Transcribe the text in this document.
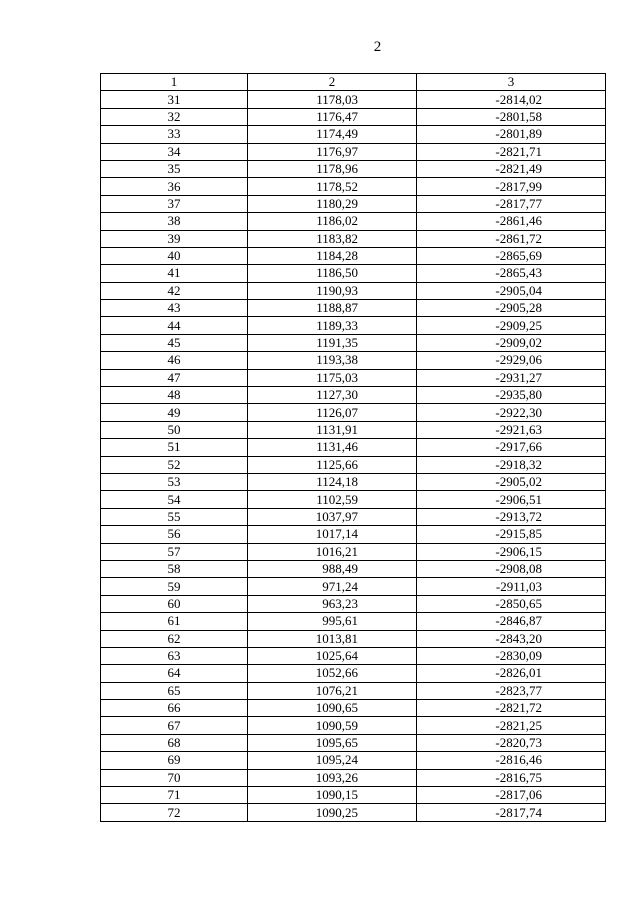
2
1	2	3
31	1178,03	-2814,02
32	1176,47	-2801,58
33	1174,49	-2801,89
34	1176,97	-2821,71
35	1178,96	-2821,49
36	1178,52	-2817,99
37	1180,29	-2817,77
38	1186,02	-2861,46
39	1183,82	-2861,72
40	1184,28	-2865,69
41	1186,50	-2865,43
42	1190,93	-2905,04
43	1188,87	-2905,28
44	1189,33	-2909,25
45	1191,35	-2909,02
46	1193,38	-2929,06
47	1175,03	-2931,27
48	1127,30	-2935,80
49	1126,07	-2922,30
50	1131,91	-2921,63
51	1131,46	-2917,66
52	1125,66	-2918,32
53	1124,18	-2905,02
54	1102,59	-2906,51
55	1037,97	-2913,72
56	1017,14	-2915,85
57	1016,21	-2906,15
58	988,49	-2908,08
59	971,24	-2911,03
60	963,23	-2850,65
61	995,61	-2846,87
62	1013,81	-2843,20
63	1025,64	-2830,09
64	1052,66	-2826,01
65	1076,21	-2823,77
66	1090,65	-2821,72
67	1090,59	-2821,25
68	1095,65	-2820,73
69	1095,24	-2816,46
70	1093,26	-2816,75
71	1090,15	-2817,06
72	1090,25	-2817,74
